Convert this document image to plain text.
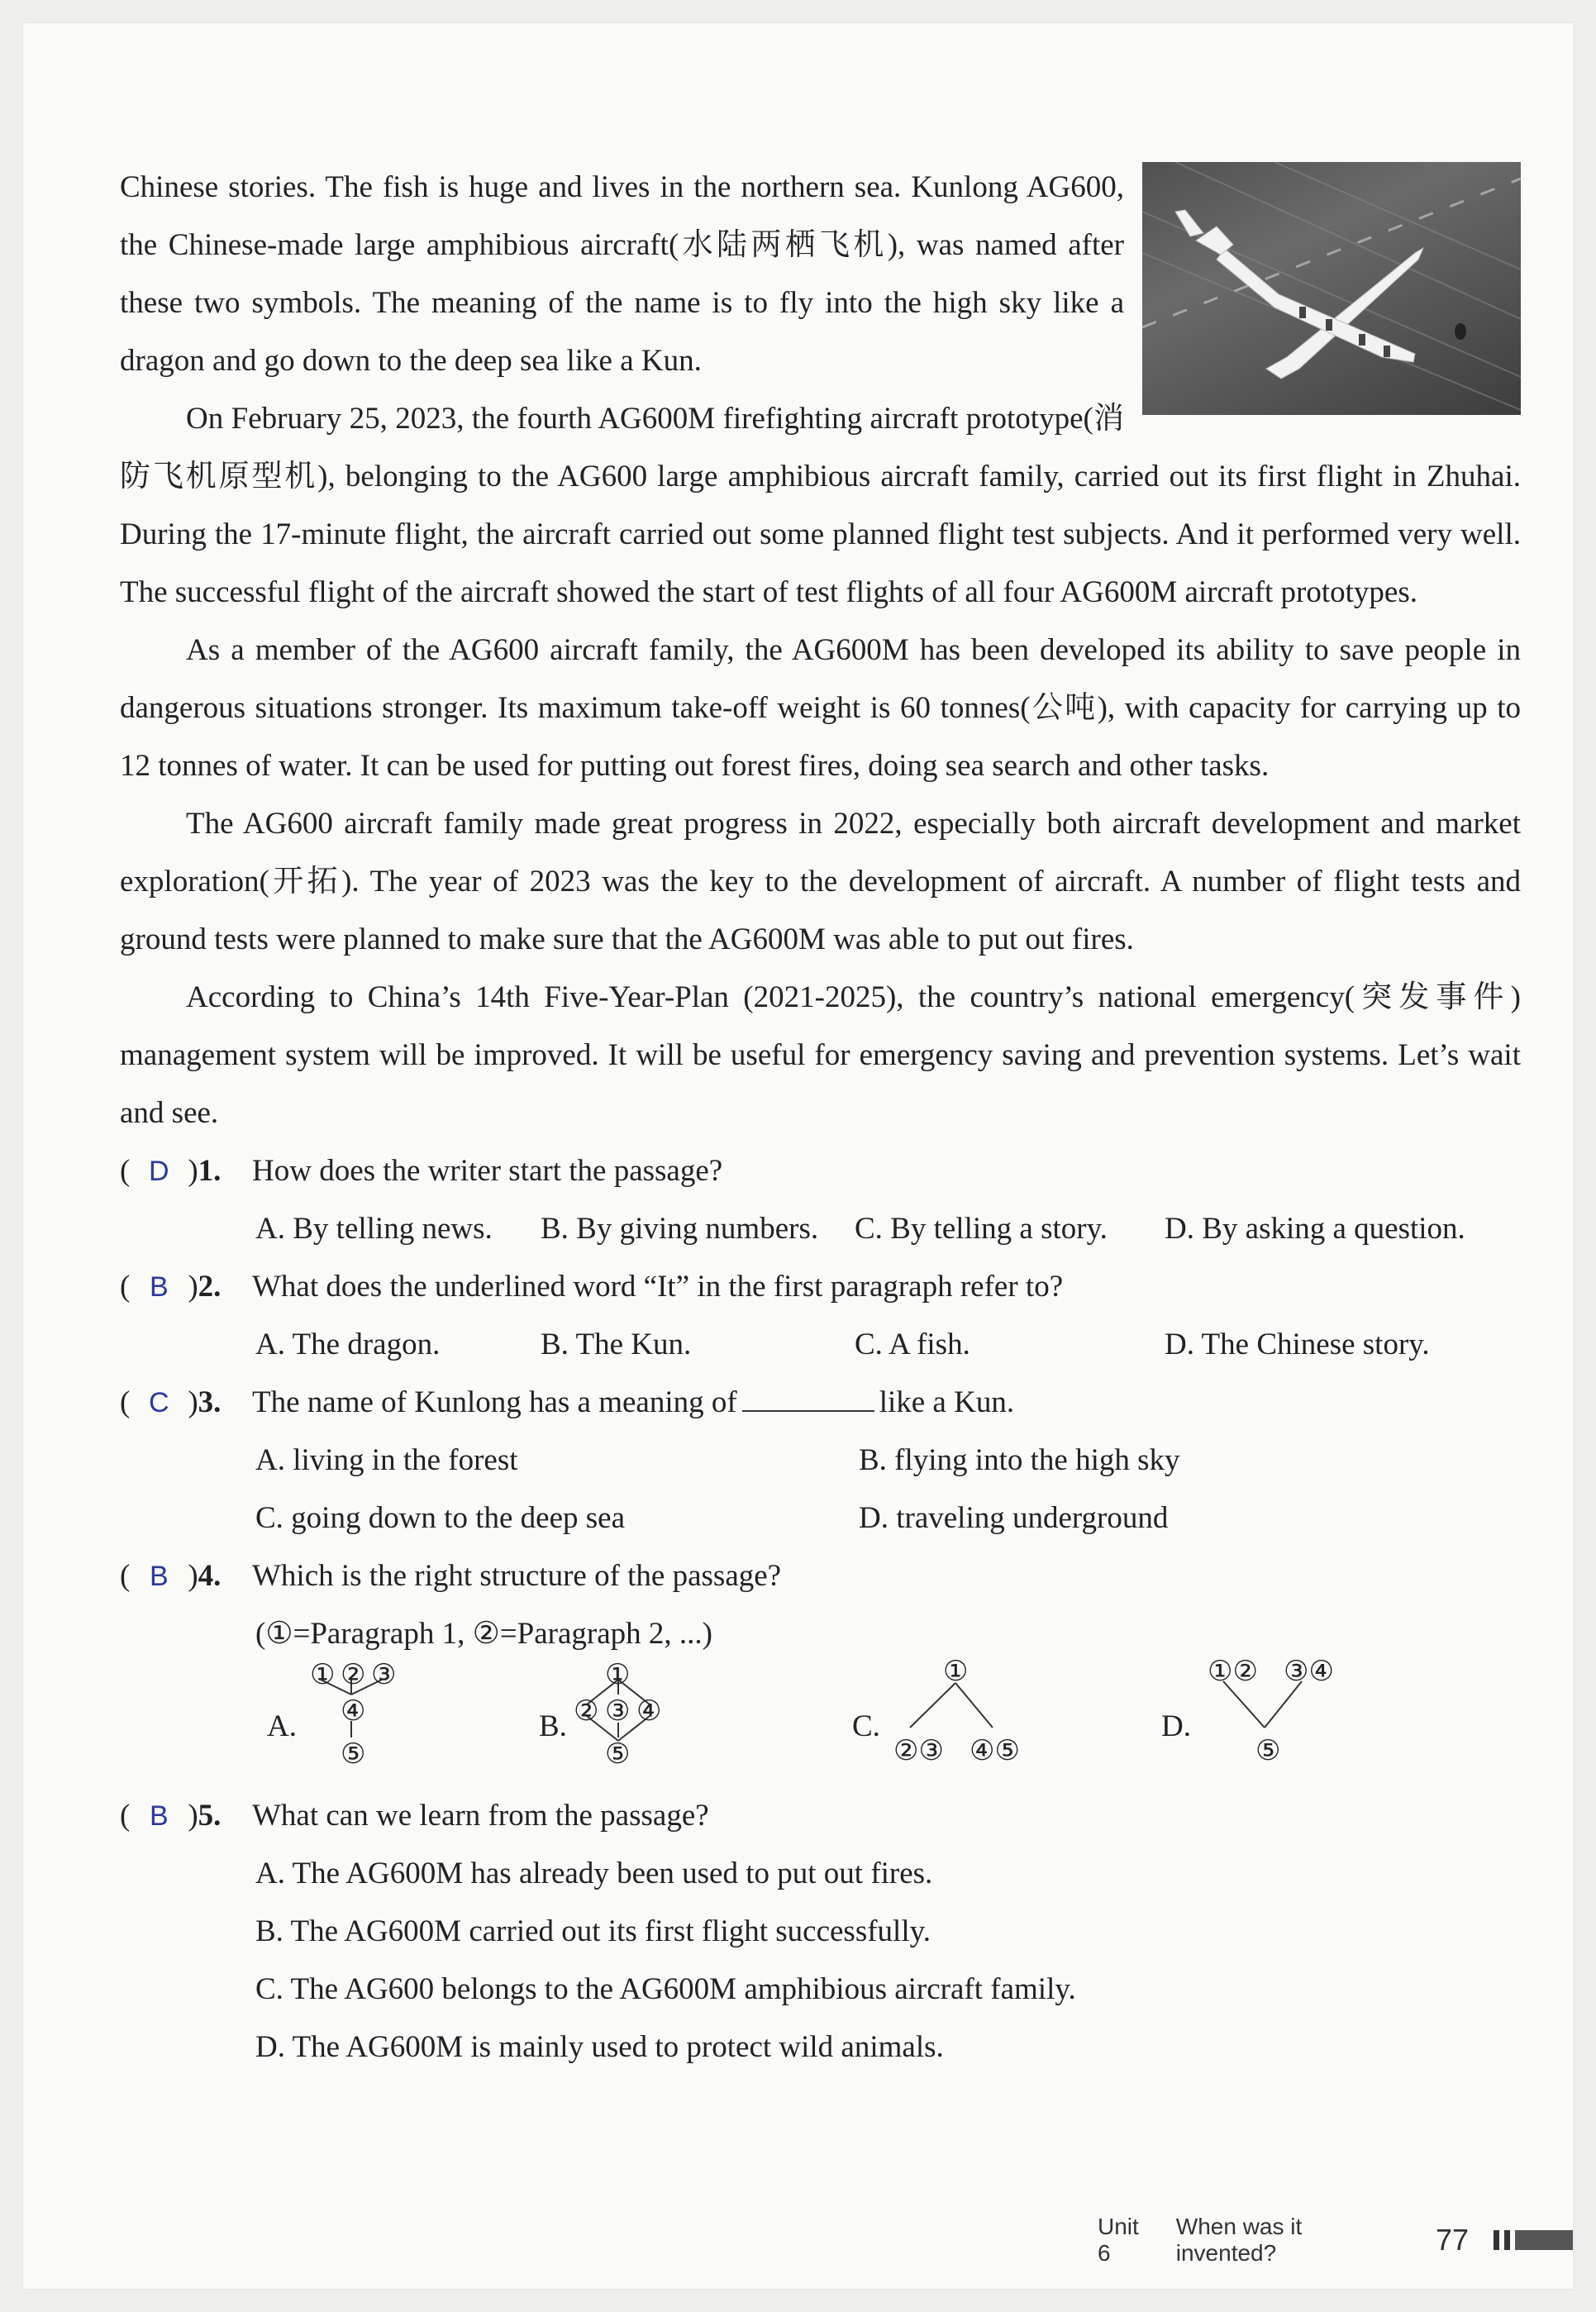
Chinese stories. The fish is huge and lives in the northern sea. Kunlong AG600, the Chinese-made large amphibious aircraft(水陆两栖飞机), was named after these two symbols. The meaning of the name is to fly into the high sky like a dragon and go down to the deep sea like a Kun.

On February 25, 2023, the fourth AG600M firefighting aircraft prototype(消防飞机原型机), belonging to the AG600 large amphibious aircraft family, carried out its first flight in Zhuhai. During the 17-minute flight, the aircraft carried out some planned flight test subjects. And it performed very well. The successful flight of the aircraft showed the start of test flights of all four AG600M aircraft prototypes.

As a member of the AG600 aircraft family, the AG600M has been developed its ability to save people in dangerous situations stronger. Its maximum take-off weight is 60 tonnes(公吨), with capacity for carrying up to 12 tonnes of water. It can be used for putting out forest fires, doing sea search and other tasks.

The AG600 aircraft family made great progress in 2022, especially both aircraft development and market exploration(开拓). The year of 2023 was the key to the development of aircraft. A number of flight tests and ground tests were planned to make sure that the AG600M was able to put out fires.

According to China’s 14th Five-Year-Plan (2021-2025), the country’s national emergency(突发事件) management system will be improved. It will be useful for emergency saving and prevention systems. Let’s wait and see.

( D )1.	How does the writer start the passage?
A. By telling news.	B. By giving numbers.	C. By telling a story.	D. By asking a question.
( B )2.	What does the underlined word “It” in the first paragraph refer to?
A. The dragon.	B. The Kun.	C. A fish.	D. The Chinese story.
( C )3.	The name of Kunlong has a meaning of	like a Kun.
A. living in the forest	B. flying into the high sky
C. going down to the deep sea	D. traveling underground
( B )4.	Which is the right structure of the passage?
(①=Paragraph 1, ②=Paragraph 2, ...)
A.
① ② ③
④
⑤
B.
①
② ③ ④
⑤
C.
①
②③ ④⑤
D.
①② ③④
⑤
( B )5.	What can we learn from the passage?
A. The AG600M has already been used to put out fires.
B. The AG600M carried out its first flight successfully.
C. The AG600 belongs to the AG600M amphibious aircraft family.
D. The AG600M is mainly used to protect wild animals.
Unit 6
When was it invented?	77
